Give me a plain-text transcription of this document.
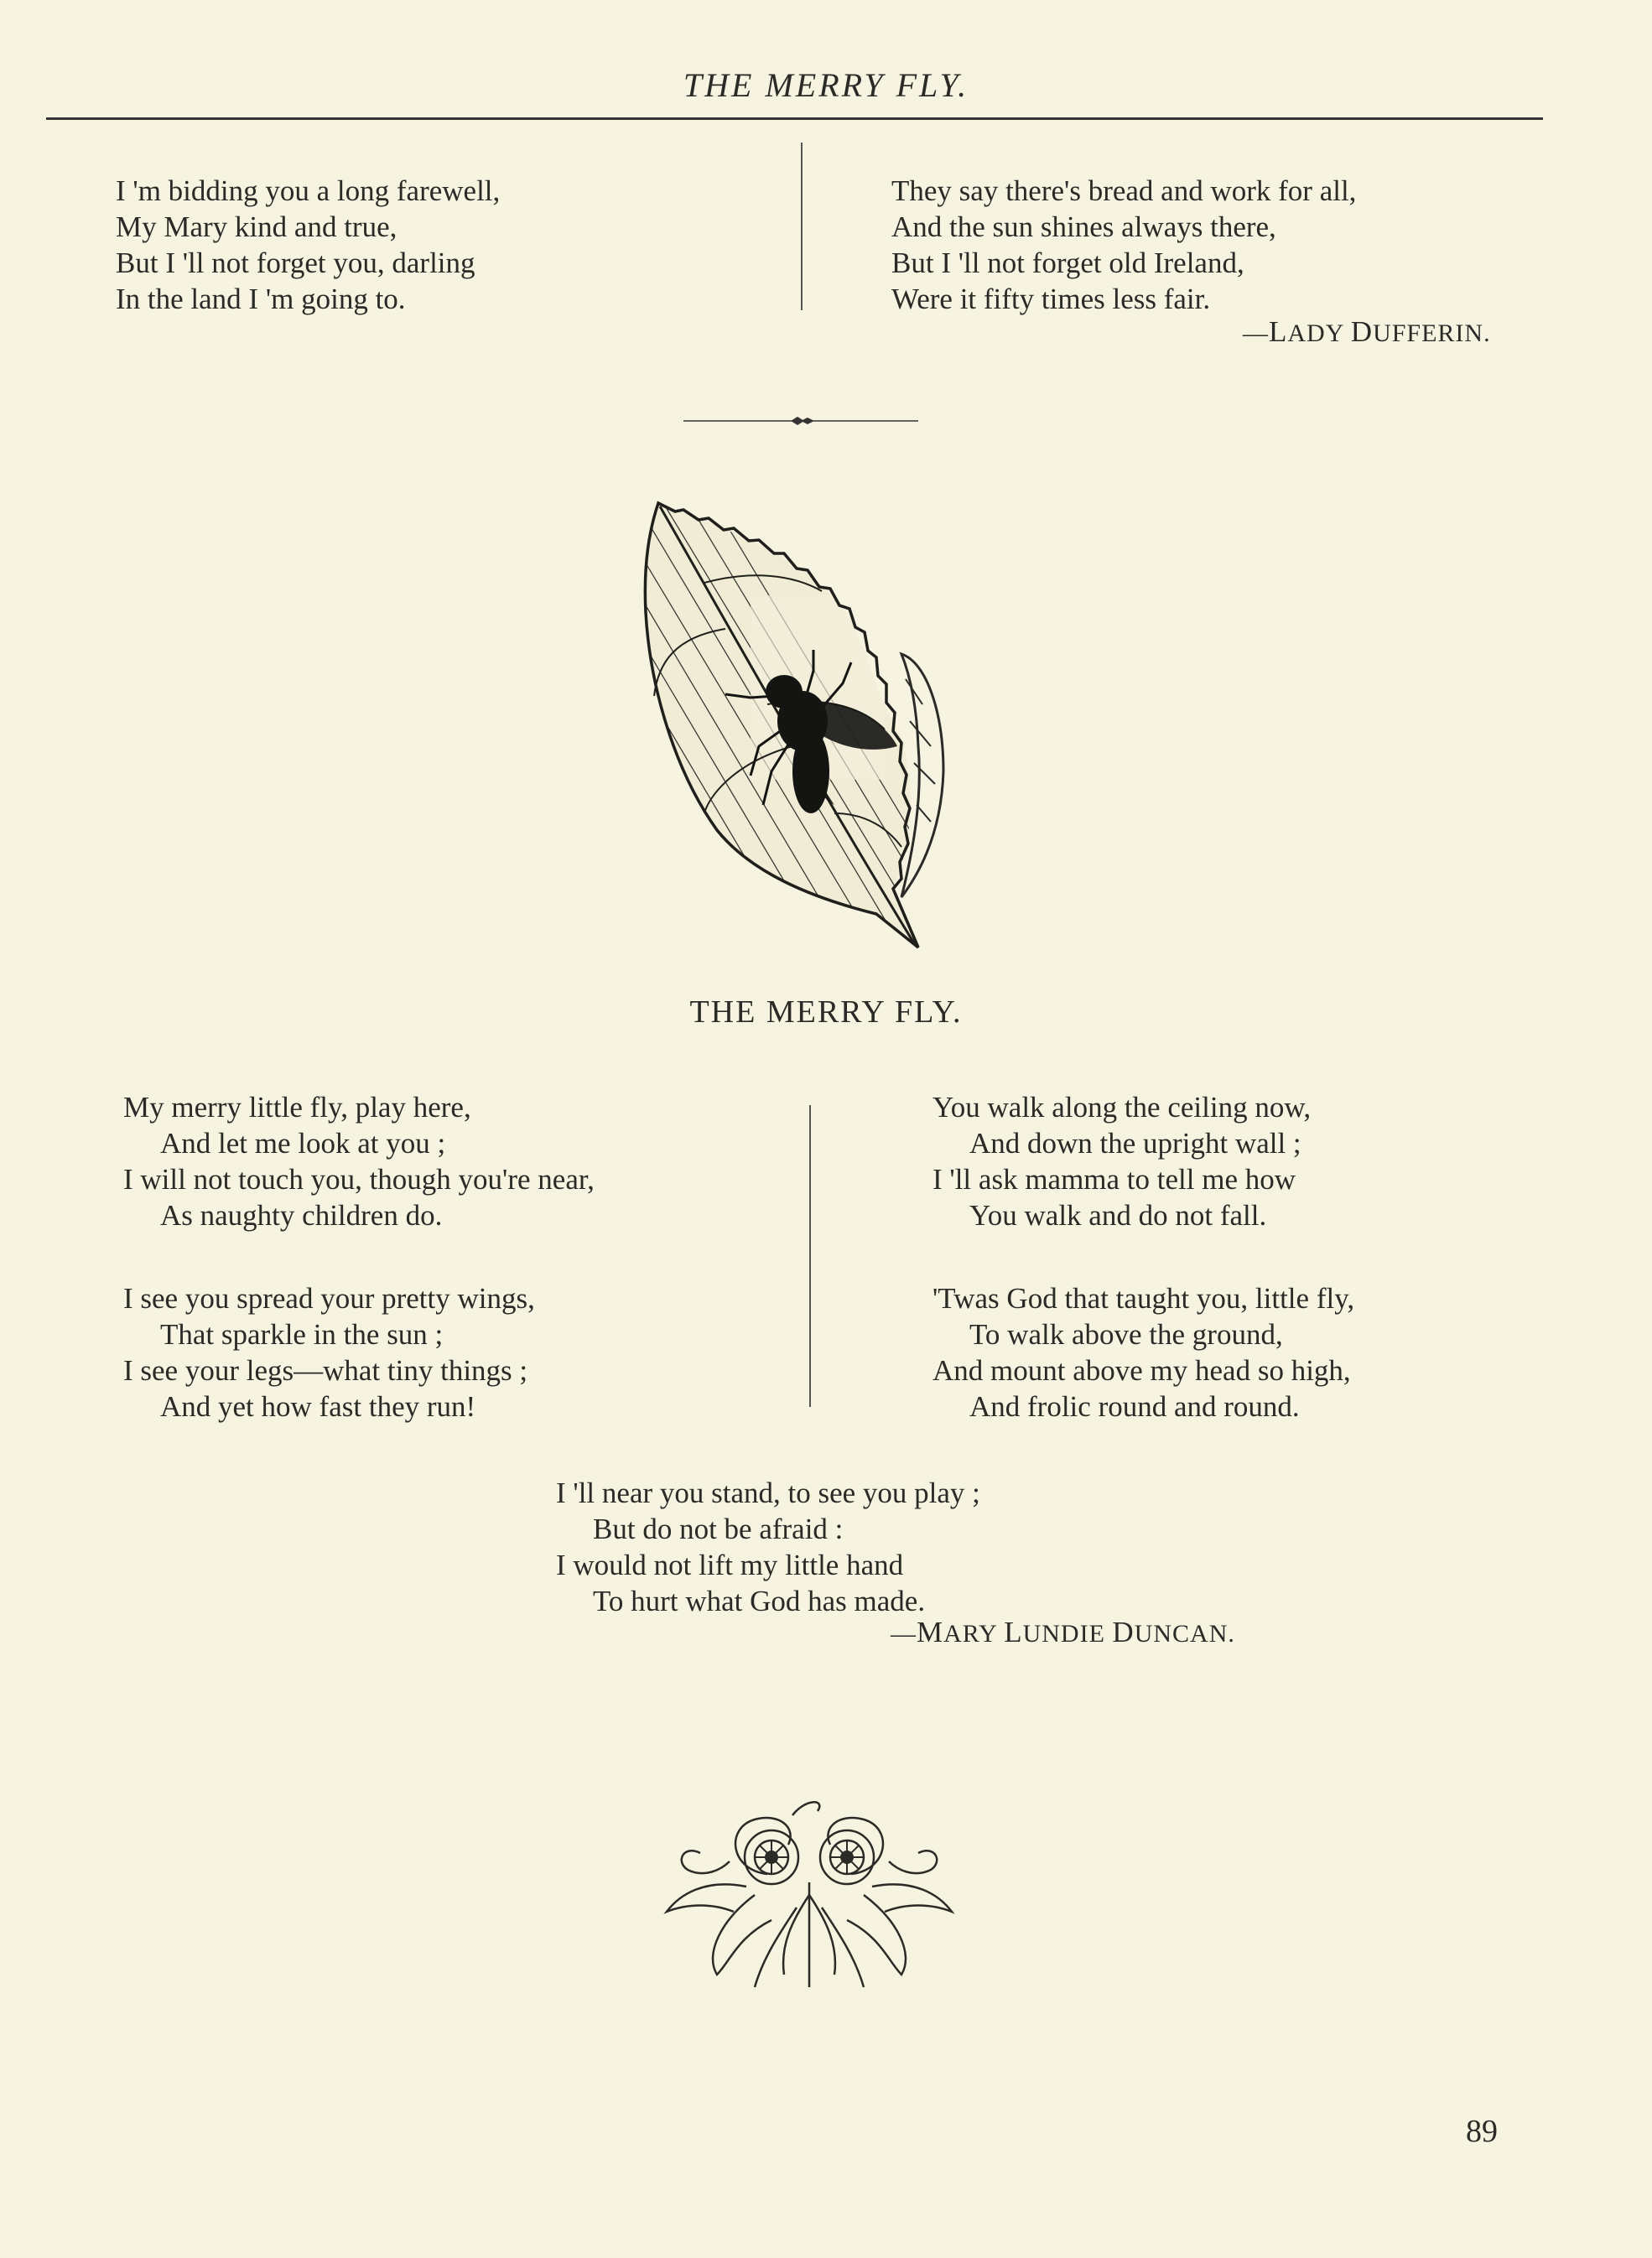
THE MERRY FLY.
I 'm bidding you a long farewell,
My Mary kind and true,
But I 'll not forget you, darling
In the land I 'm going to.
They say there's bread and work for all,
And the sun shines always there,
But I 'll not forget old Ireland,
Were it fifty times less fair.
—LADY DUFFERIN.
THE MERRY FLY.
My merry little fly, play here,
And let me look at you ;
I will not touch you, though you're near,
As naughty children do.
I see you spread your pretty wings,
That sparkle in the sun ;
I see your legs—what tiny things ;
And yet how fast they run!
You walk along the ceiling now,
And down the upright wall ;
I 'll ask mamma to tell me how
You walk and do not fall.
'Twas God that taught you, little fly,
To walk above the ground,
And mount above my head so high,
And frolic round and round.
I 'll near you stand, to see you play ;
But do not be afraid :
I would not lift my little hand
To hurt what God has made.
—MARY LUNDIE DUNCAN.
89
